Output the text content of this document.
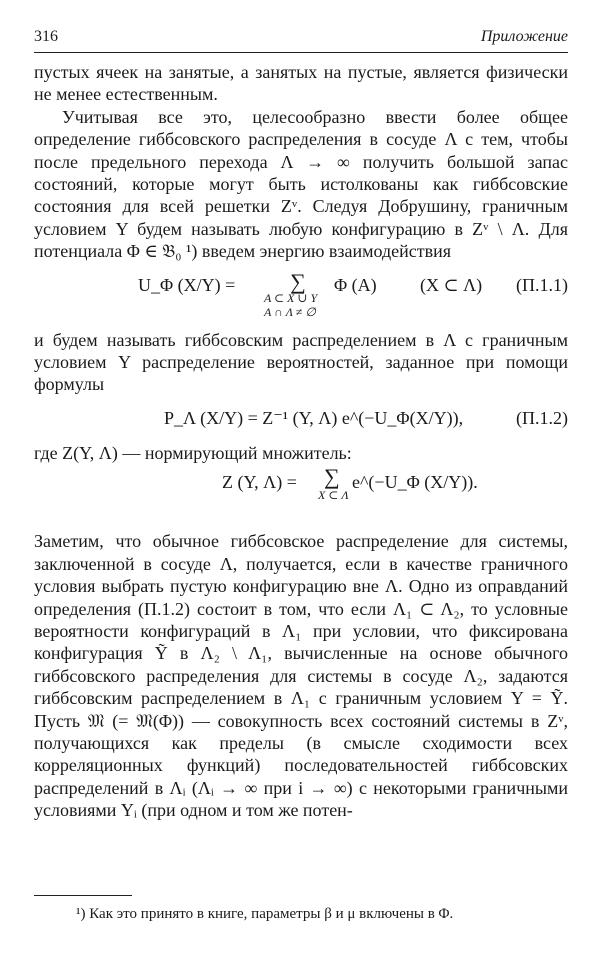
316	Приложение

пустых ячеек на занятые, а занятых на пустые, является физически не менее естественным.

Учитывая все это, целесообразно ввести более общее определение гиббсовского распределения в сосуде Λ с тем, чтобы после предельного перехода Λ → ∞ получить большой запас состояний, которые могут быть истолкованы как гиббсовские состояния для всей решетки Zᵛ. Следуя Добрушину, граничным условием Y будем называть любую конфигурацию в Zᵛ \ Λ. Для потенциала Φ ∈ 𝔅₀ ¹) введем энергию взаимодействия

U_Φ (X/Y) =	∑
A ⊂ X ∪ Y
A ∩ Λ ≠ ∅
Φ (A) (X ⊂ Λ) (П.1.1)

и будем называть гиббсовским распределением в Λ с граничным условием Y распределение вероятностей, заданное при помощи формулы

P_Λ (X/Y) = Z⁻¹ (Y, Λ) e^(−U_Φ(X/Y)),	(П.1.2)

где Z(Y, Λ) — нормирующий множитель:

Z (Y, Λ) = ∑
X ⊂ Λ
e^(−U_Φ (X/Y)).

Заметим, что обычное гиббсовское распределение для системы, заключенной в сосуде Λ, получается, если в качестве граничного условия выбрать пустую конфигурацию вне Λ. Одно из оправданий определения (П.1.2) состоит в том, что если Λ₁ ⊂ Λ₂, то условные вероятности конфигураций в Λ₁ при условии, что фиксирована конфигурация Ỹ в Λ₂ \ Λ₁, вычисленные на основе обычного гиббсовского распределения для системы в сосуде Λ₂, задаются гиббсовским распределением в Λ₁ с граничным условием Y = Ỹ. Пусть 𝔐 (= 𝔐(Φ)) — совокупность всех состояний системы в Zᵛ, получающихся как пределы (в смысле сходимости всех корреляционных функций) последовательностей гиббсовских распределений в Λᵢ (Λᵢ → ∞ при i → ∞) с некоторыми граничными условиями Yᵢ (при одном и том же потен-

¹) Как это принято в книге, параметры β и μ включены в Φ.
